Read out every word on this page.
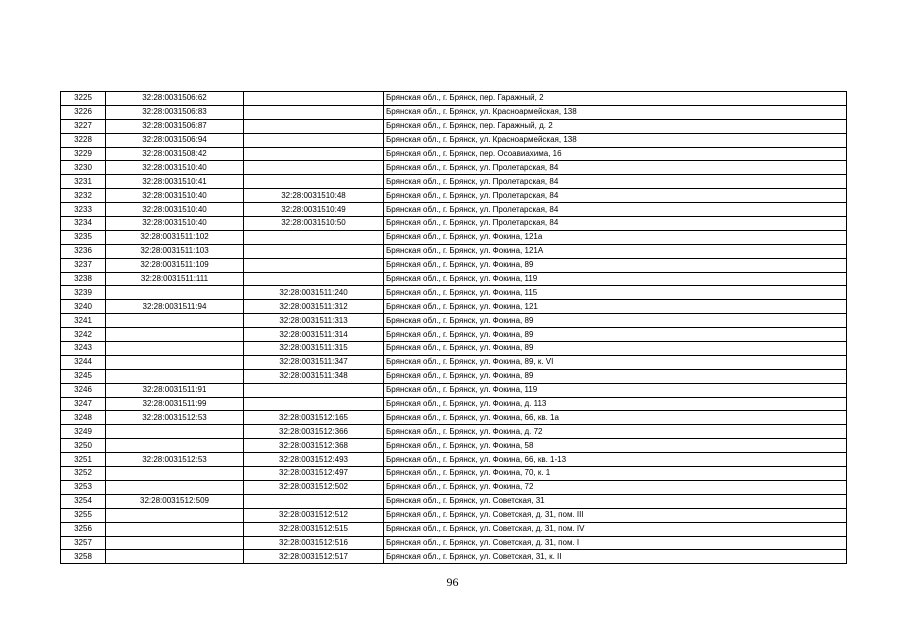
3225	32:28:0031506:62		Брянская обл., г. Брянск, пер. Гаражный, 2
3226	32:28:0031506:83		Брянская обл., г. Брянск, ул. Красноармейская, 138
3227	32:28:0031506:87		Брянская обл., г. Брянск, пер. Гаражный, д. 2
3228	32:28:0031506:94		Брянская обл., г. Брянск, ул. Красноармейская, 138
3229	32:28:0031508:42		Брянская обл., г. Брянск, пер. Осоавиахима, 16
3230	32:28:0031510:40		Брянская обл., г. Брянск, ул. Пролетарская, 84
3231	32:28:0031510:41		Брянская обл., г. Брянск, ул. Пролетарская, 84
3232	32:28:0031510:40	32:28:0031510:48	Брянская обл., г. Брянск, ул. Пролетарская, 84
3233	32:28:0031510:40	32:28:0031510:49	Брянская обл., г. Брянск, ул. Пролетарская, 84
3234	32:28:0031510:40	32:28:0031510:50	Брянская обл., г. Брянск, ул. Пролетарская, 84
3235	32:28:0031511:102		Брянская обл., г. Брянск, ул. Фокина, 121а
3236	32:28:0031511:103		Брянская обл., г. Брянск, ул. Фокина, 121А
3237	32:28:0031511:109		Брянская обл., г. Брянск, ул. Фокина, 89
3238	32:28:0031511:111		Брянская обл., г. Брянск, ул. Фокина, 119
3239		32:28:0031511:240	Брянская обл., г. Брянск, ул. Фокина, 115
3240	32:28:0031511:94	32:28:0031511:312	Брянская обл., г. Брянск, ул. Фокина, 121
3241		32:28:0031511:313	Брянская обл., г. Брянск, ул. Фокина, 89
3242		32:28:0031511:314	Брянская обл., г. Брянск, ул. Фокина, 89
3243		32:28:0031511:315	Брянская обл., г. Брянск, ул. Фокина, 89
3244		32:28:0031511:347	Брянская обл., г. Брянск, ул. Фокина, 89, к. VI
3245		32:28:0031511:348	Брянская обл., г. Брянск, ул. Фокина, 89
3246	32:28:0031511:91		Брянская обл., г. Брянск, ул. Фокина, 119
3247	32:28:0031511:99		Брянская обл., г. Брянск, ул. Фокина, д. 113
3248	32:28:0031512:53	32:28:0031512:165	Брянская обл., г. Брянск, ул. Фокина, 66, кв. 1а
3249		32:28:0031512:366	Брянская обл., г. Брянск, ул. Фокина, д. 72
3250		32:28:0031512:368	Брянская обл., г. Брянск, ул. Фокина, 58
3251	32:28:0031512:53	32:28:0031512:493	Брянская обл., г. Брянск, ул. Фокина, 66, кв. 1-13
3252		32:28:0031512:497	Брянская обл., г. Брянск, ул. Фокина, 70, к. 1
3253		32:28:0031512:502	Брянская обл., г. Брянск, ул. Фокина, 72
3254	32:28:0031512:509		Брянская обл., г. Брянск, ул. Советская, 31
3255		32:28:0031512:512	Брянская обл., г. Брянск, ул. Советская, д. 31, пом. III
3256		32:28:0031512:515	Брянская обл., г. Брянск, ул. Советская, д. 31, пом. IV
3257		32:28:0031512:516	Брянская обл., г. Брянск, ул. Советская, д. 31, пом. I
3258		32:28:0031512:517	Брянская обл., г. Брянск, ул. Советская, 31, к. II
96
